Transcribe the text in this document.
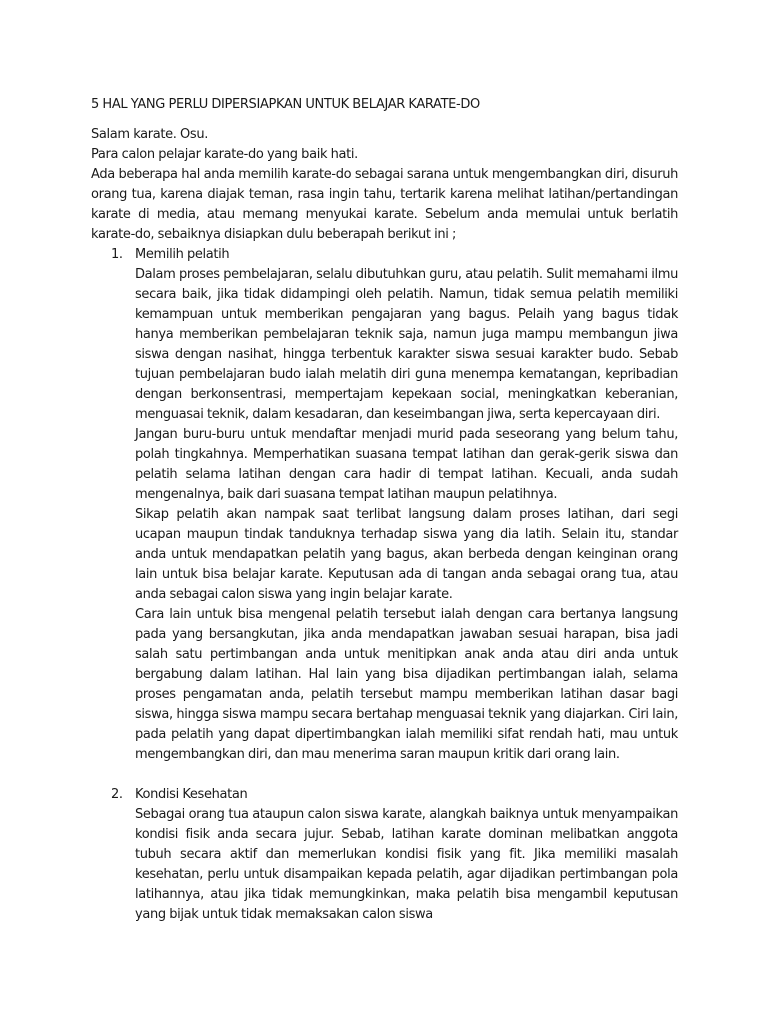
5 HAL YANG PERLU DIPERSIAPKAN UNTUK BELAJAR KARATE-DO

Salam karate. Osu.

Para calon pelajar karate-do yang baik hati.

Ada beberapa hal anda memilih karate-do sebagai sarana untuk mengembangkan diri, disuruh orang tua, karena diajak teman, rasa ingin tahu, tertarik karena melihat latihan/pertandingan karate di media, atau memang menyukai karate. Sebelum anda memulai untuk berlatih karate-do, sebaiknya disiapkan dulu beberapah berikut ini ;

1. Memilih pelatih

Dalam proses pembelajaran, selalu dibutuhkan guru, atau pelatih. Sulit memahami ilmu secara baik, jika tidak didampingi oleh pelatih. Namun, tidak semua pelatih memiliki kemampuan untuk memberikan pengajaran yang bagus. Pelaih yang bagus tidak hanya memberikan pembelajaran teknik saja, namun juga mampu membangun jiwa siswa dengan nasihat, hingga terbentuk karakter siswa sesuai karakter budo. Sebab tujuan pembelajaran budo ialah melatih diri guna menempa kematangan, kepribadian dengan berkonsentrasi, mempertajam kepekaan social, meningkatkan keberanian, menguasai teknik, dalam kesadaran, dan keseimbangan jiwa, serta kepercayaan diri.

Jangan buru-buru untuk mendaftar menjadi murid pada seseorang yang belum tahu, polah tingkahnya. Memperhatikan suasana tempat latihan dan gerak-gerik siswa dan pelatih selama latihan dengan cara hadir di tempat latihan. Kecuali, anda sudah mengenalnya, baik dari suasana tempat latihan maupun pelatihnya.

Sikap pelatih akan nampak saat terlibat langsung dalam proses latihan, dari segi ucapan maupun tindak tanduknya terhadap siswa yang dia latih. Selain itu, standar anda untuk mendapatkan pelatih yang bagus, akan berbeda dengan keinginan orang lain untuk bisa belajar karate. Keputusan ada di tangan anda sebagai orang tua, atau anda sebagai calon siswa yang ingin belajar karate.

Cara lain untuk bisa mengenal pelatih tersebut ialah dengan cara bertanya langsung pada yang bersangkutan, jika anda mendapatkan jawaban sesuai harapan, bisa jadi salah satu pertimbangan anda untuk menitipkan anak anda atau diri anda untuk bergabung dalam latihan. Hal lain yang bisa dijadikan pertimbangan ialah, selama proses pengamatan anda, pelatih tersebut mampu memberikan latihan dasar bagi siswa, hingga siswa mampu secara bertahap menguasai teknik yang diajarkan. Ciri lain, pada pelatih yang dapat dipertimbangkan ialah memiliki sifat rendah hati, mau untuk mengembangkan diri, dan mau menerima saran maupun kritik dari orang lain.

2. Kondisi Kesehatan

Sebagai orang tua ataupun calon siswa karate, alangkah baiknya untuk menyampaikan kondisi fisik anda secara jujur. Sebab, latihan karate dominan melibatkan anggota tubuh secara aktif dan memerlukan kondisi fisik yang fit. Jika memiliki masalah kesehatan, perlu untuk disampaikan kepada pelatih, agar dijadikan pertimbangan pola latihannya, atau jika tidak memungkinkan, maka pelatih bisa mengambil keputusan yang bijak untuk tidak memaksakan calon siswa
